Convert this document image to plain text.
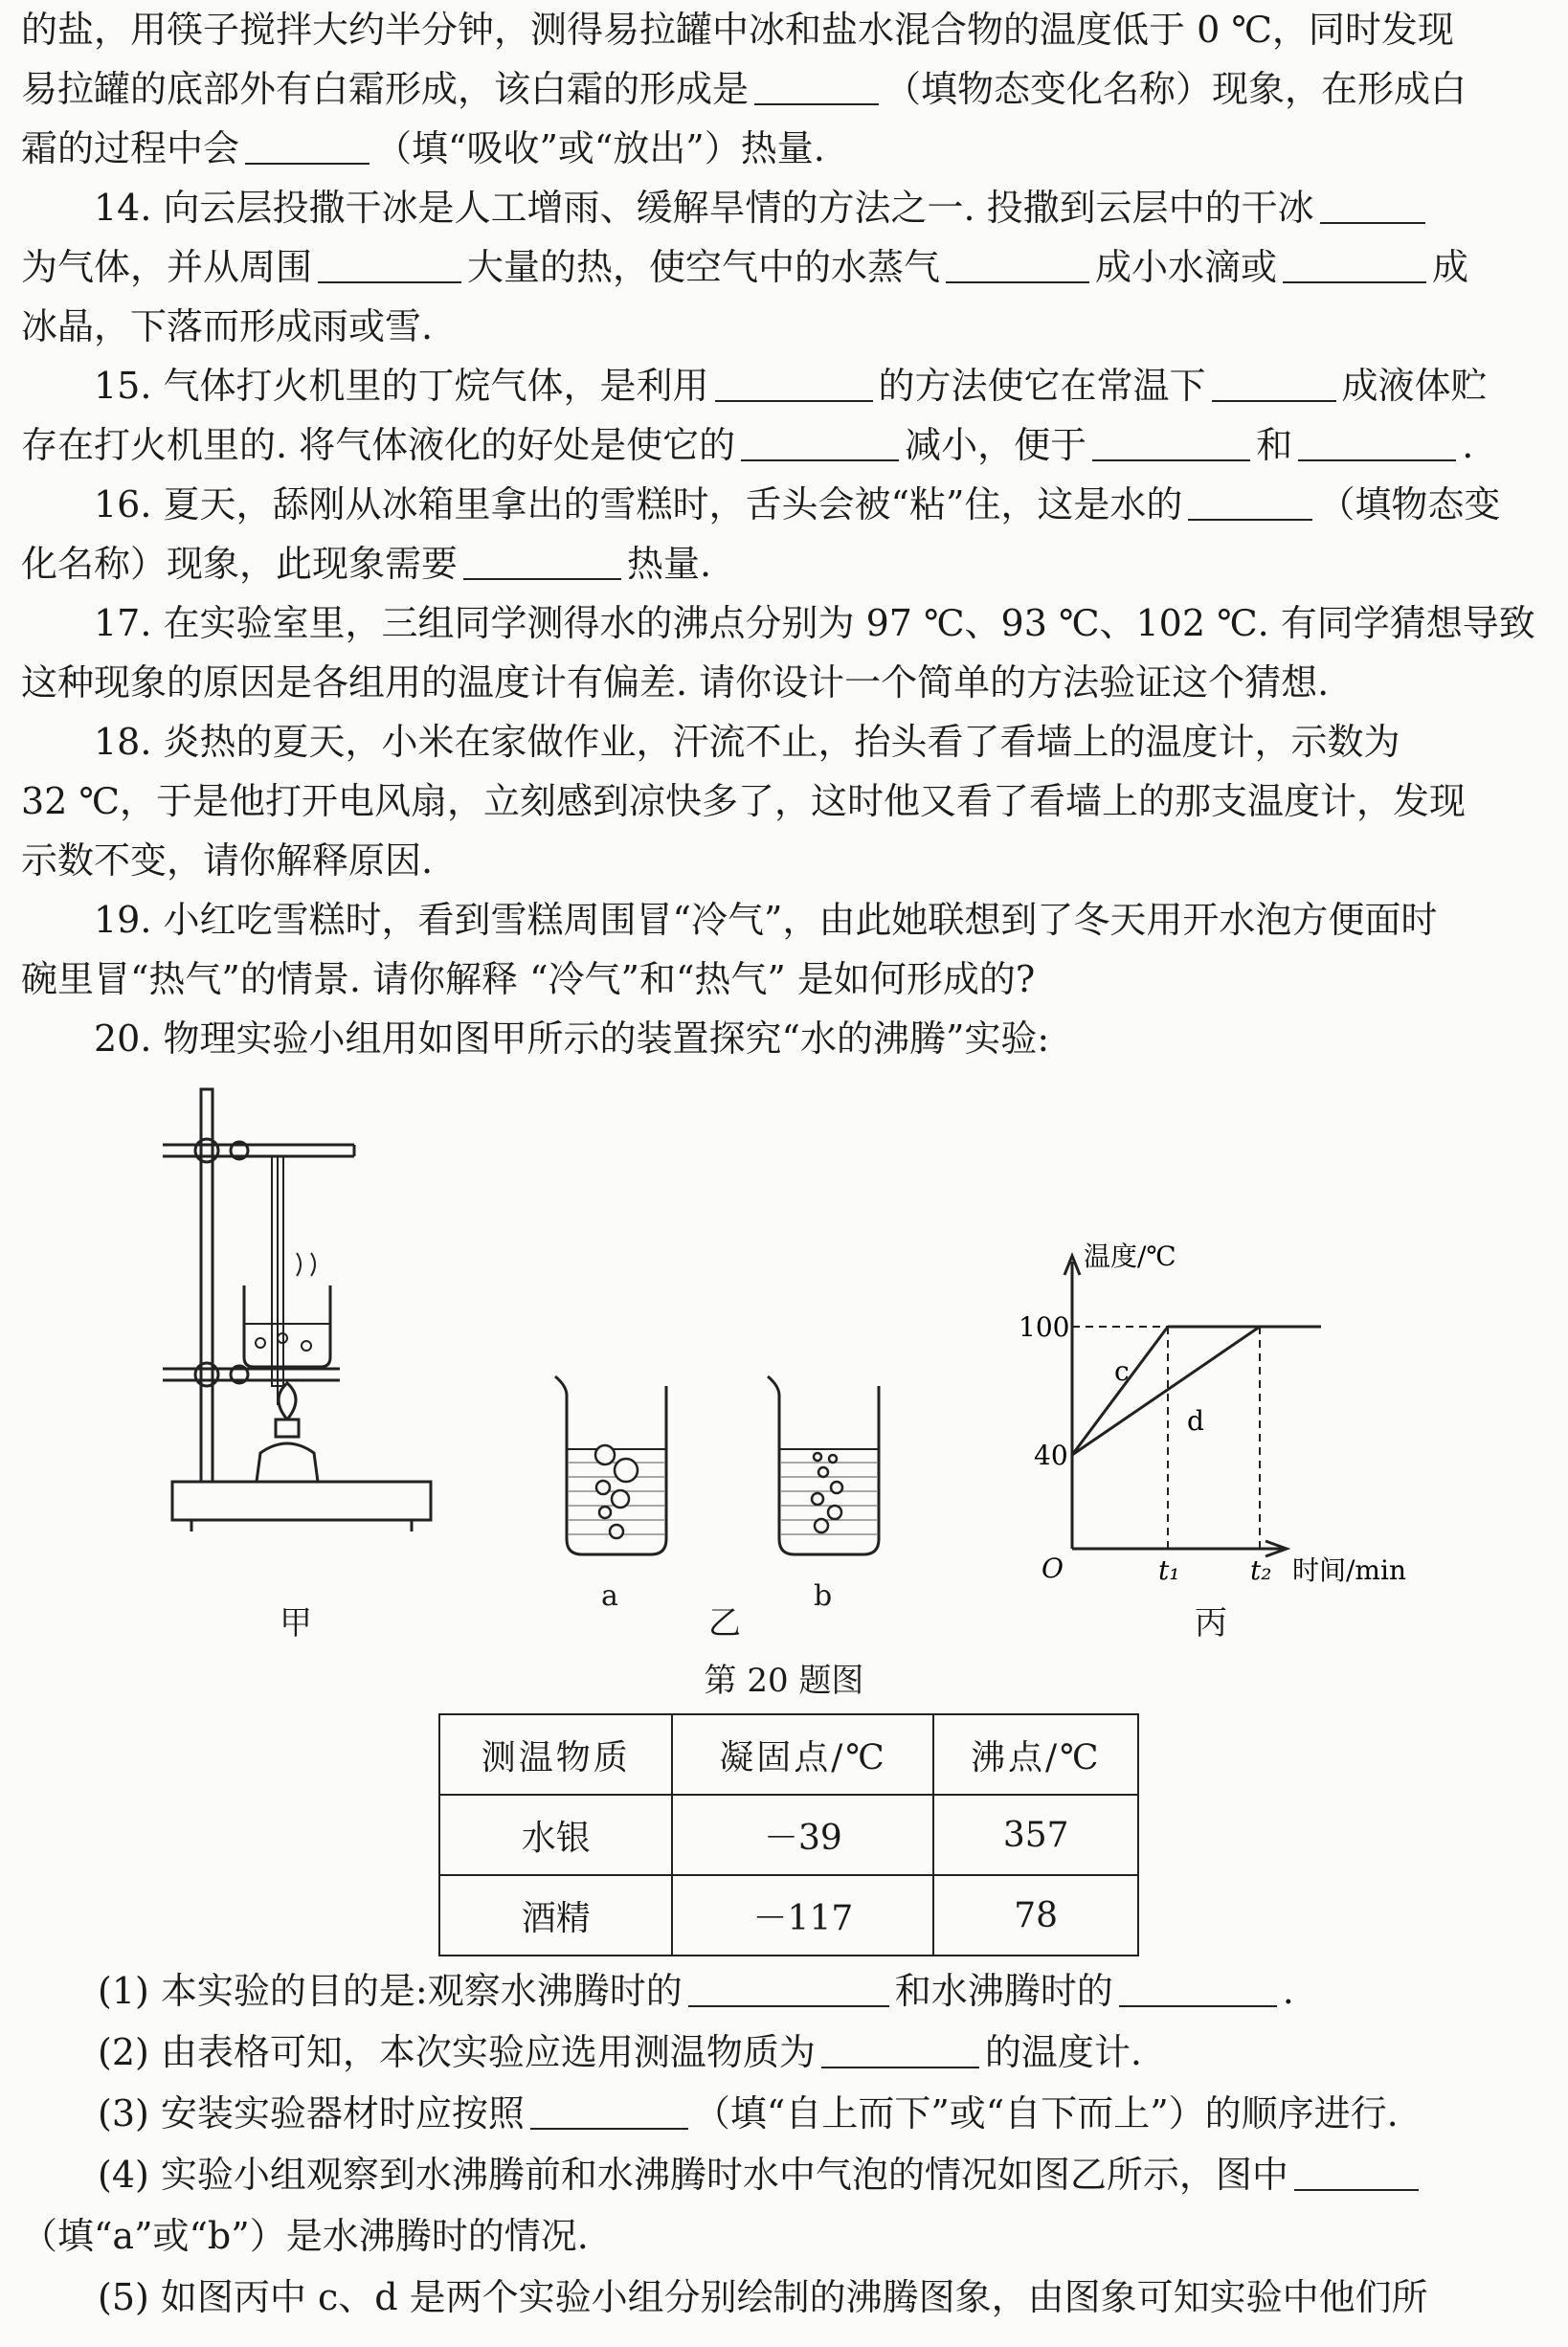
的盐，用筷子搅拌大约半分钟，测得易拉罐中冰和盐水混合物的温度低于 0 ℃，同时发现
易拉罐的底部外有白霜形成，该白霜的形成是	（填物态变化名称）现象，在形成白
霜的过程中会	（填“吸收”或“放出”）热量.
14. 向云层投撒干冰是人工增雨、缓解旱情的方法之一. 投撒到云层中的干冰
为气体，并从周围	大量的热，使空气中的水蒸气	成小水滴或	成
冰晶，下落而形成雨或雪.
15. 气体打火机里的丁烷气体，是利用	的方法使它在常温下	成液体贮
存在打火机里的. 将气体液化的好处是使它的	减小，便于	和	.
16. 夏天，舔刚从冰箱里拿出的雪糕时，舌头会被“粘”住，这是水的	（填物态变
化名称）现象，此现象需要	热量.
17. 在实验室里，三组同学测得水的沸点分别为 97 ℃、93 ℃、102 ℃. 有同学猜想导致
这种现象的原因是各组用的温度计有偏差. 请你设计一个简单的方法验证这个猜想.
18. 炎热的夏天，小米在家做作业，汗流不止，抬头看了看墙上的温度计，示数为
32 ℃，于是他打开电风扇，立刻感到凉快多了，这时他又看了看墙上的那支温度计，发现
示数不变，请你解释原因.
19. 小红吃雪糕时，看到雪糕周围冒“冷气”，由此她联想到了冬天用开水泡方便面时
碗里冒“热气”的情景. 请你解释 “冷气”和“热气” 是如何形成的?
20. 物理实验小组用如图甲所示的装置探究“水的沸腾”实验:
甲
a	b
乙
温度/℃
100
40
O	t₁	t₂ 时间/min
c
d
丙
第 20 题图
测温物质	凝固点/℃	沸点/℃
水银	－39	357
酒精	－117	78
(1) 本实验的目的是:观察水沸腾时的	和水沸腾时的	.
(2) 由表格可知，本次实验应选用测温物质为	的温度计.
(3) 安装实验器材时应按照	（填“自上而下”或“自下而上”）的顺序进行.
(4) 实验小组观察到水沸腾前和水沸腾时水中气泡的情况如图乙所示，图中
（填“a”或“b”）是水沸腾时的情况.
(5) 如图丙中 c、d 是两个实验小组分别绘制的沸腾图象，由图象可知实验中他们所
